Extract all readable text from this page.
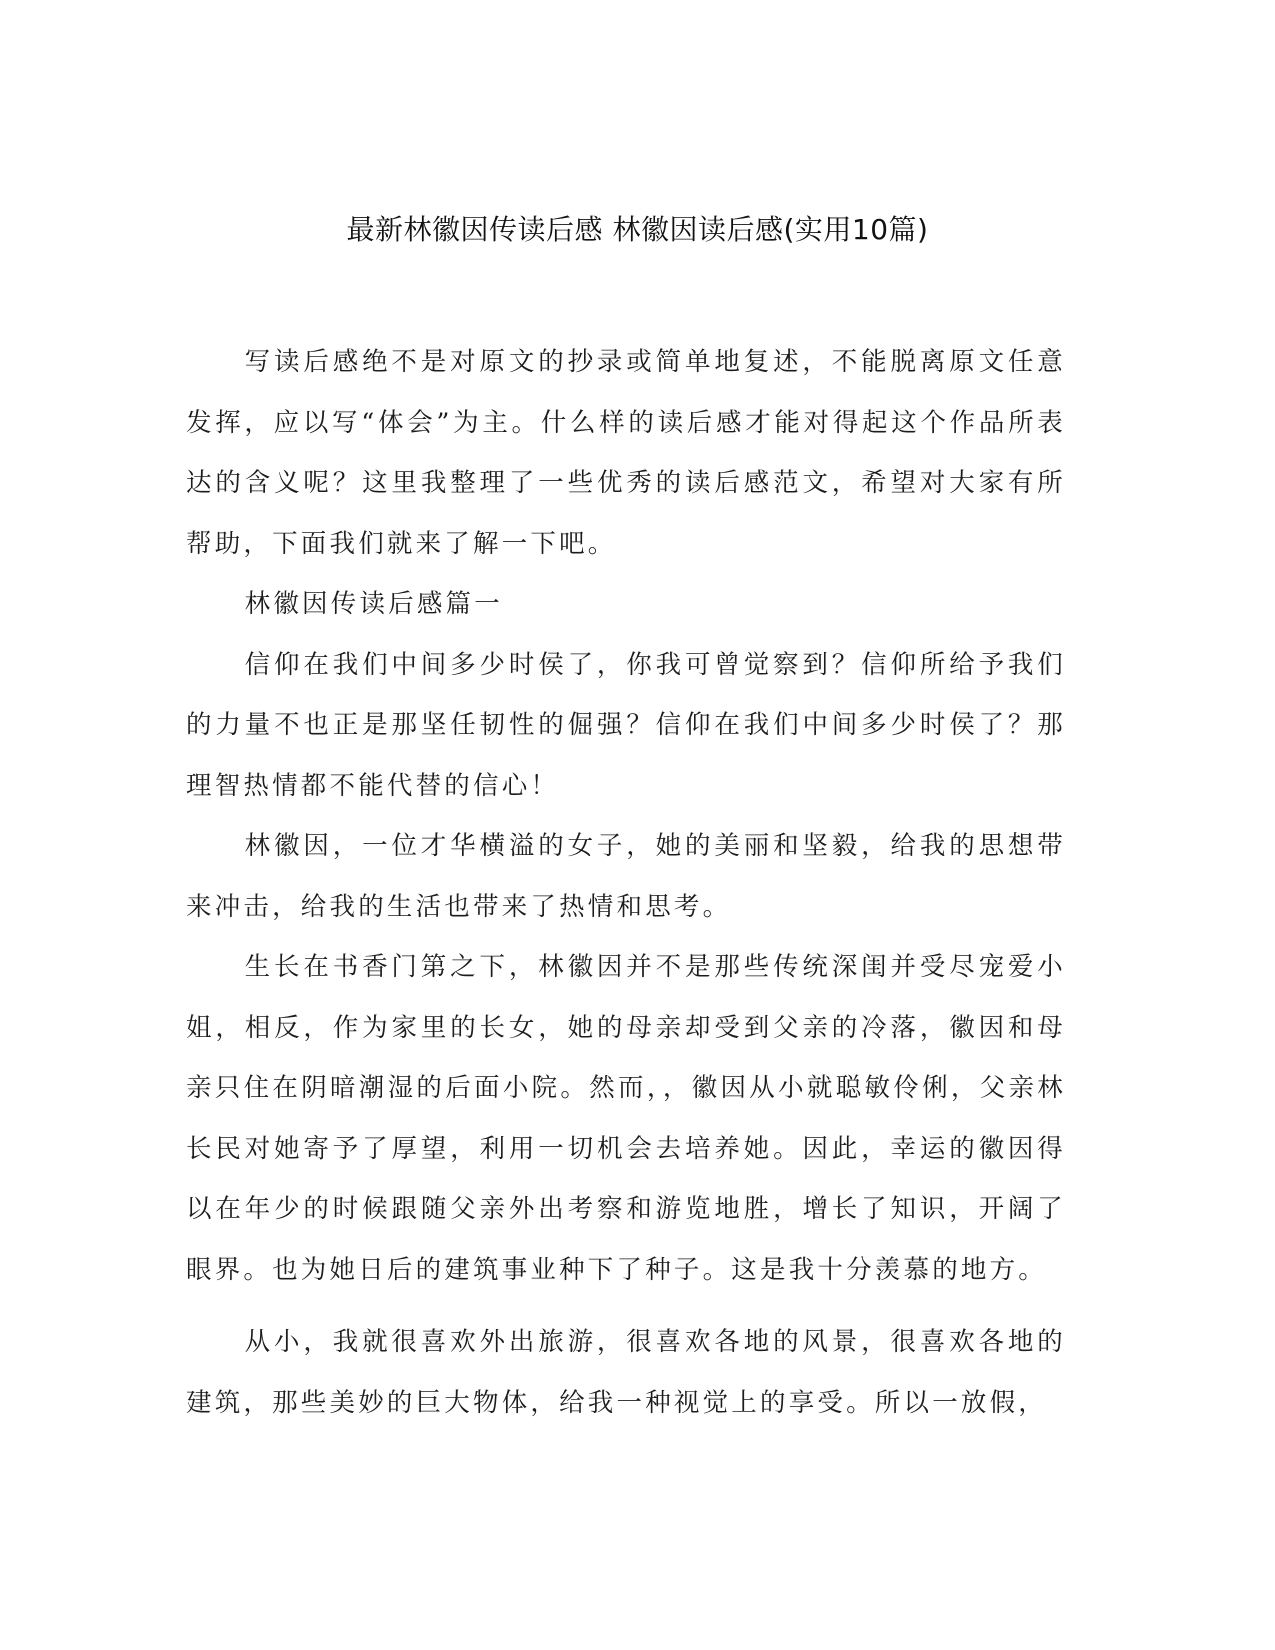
最新林徽因传读后感 林徽因读后感(实用10篇)

写读后感绝不是对原文的抄录或简单地复述，不能脱离原文任意发挥，应以写“体会”为主。什么样的读后感才能对得起这个作品所表达的含义呢？这里我整理了一些优秀的读后感范文，希望对大家有所帮助，下面我们就来了解一下吧。

林徽因传读后感篇一

信仰在我们中间多少时侯了，你我可曾觉察到？信仰所给予我们的力量不也正是那坚任韧性的倔强？信仰在我们中间多少时侯了？那理智热情都不能代替的信心！

林徽因，一位才华横溢的女子，她的美丽和坚毅，给我的思想带来冲击，给我的生活也带来了热情和思考。

生长在书香门第之下，林徽因并不是那些传统深闺并受尽宠爱小姐，相反，作为家里的长女，她的母亲却受到父亲的冷落，徽因和母亲只住在阴暗潮湿的后面小院。然而，，徽因从小就聪敏伶俐，父亲林长民对她寄予了厚望，利用一切机会去培养她。因此，幸运的徽因得以在年少的时候跟随父亲外出考察和游览地胜，增长了知识，开阔了眼界。也为她日后的建筑事业种下了种子。这是我十分羡慕的地方。

从小，我就很喜欢外出旅游，很喜欢各地的风景，很喜欢各地的建筑，那些美妙的巨大物体，给我一种视觉上的享受。所以一放假，
